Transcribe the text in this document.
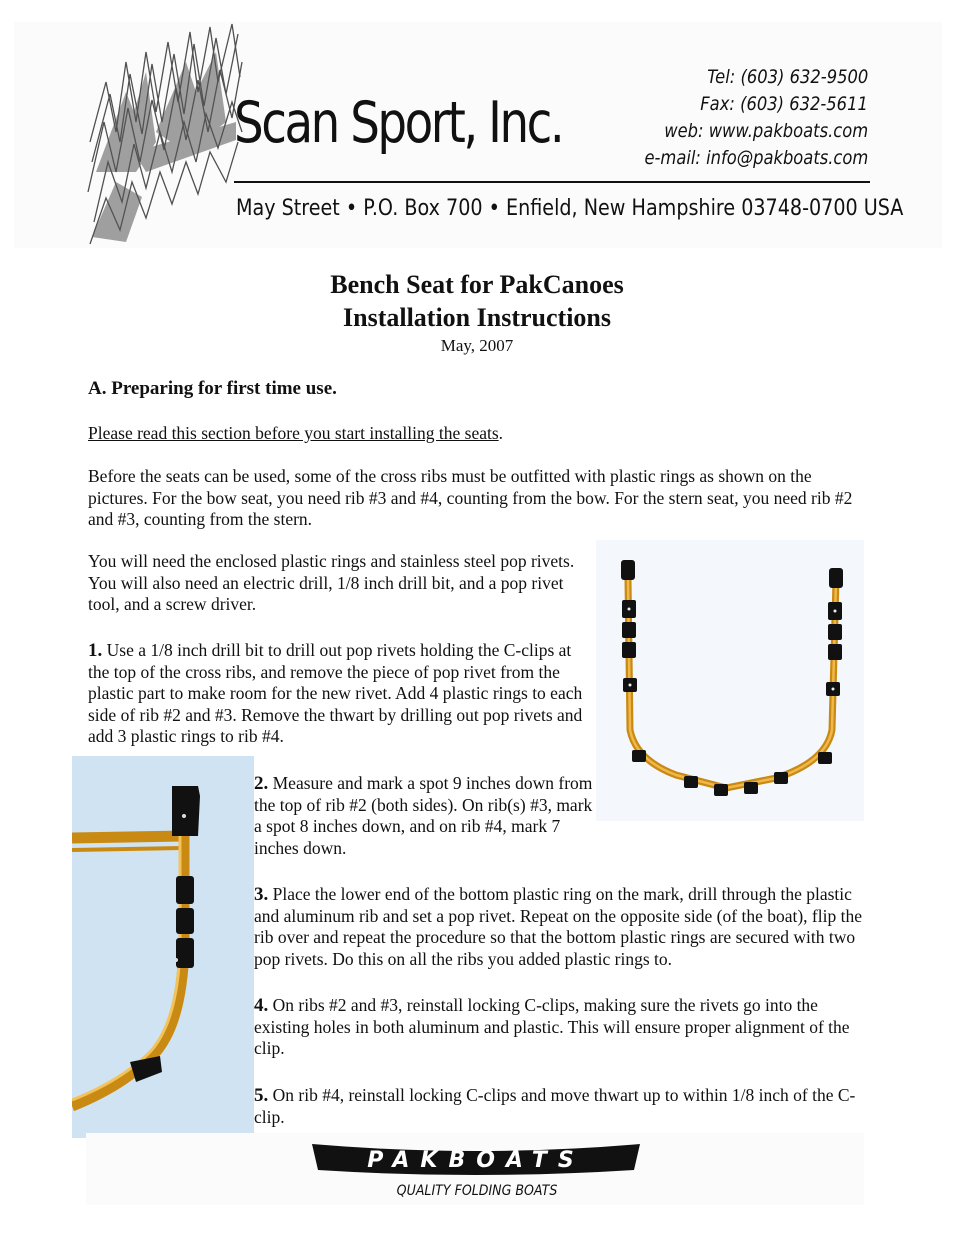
Scan Sport, Inc.
Tel: (603) 632-9500
Fax: (603) 632-5611
web: www.pakboats.com
e-mail: info@pakboats.com
May Street • P.O. Box 700 • Enfield, New Hampshire 03748-0700 USA
Bench Seat for PakCanoes
Installation Instructions
May, 2007
A. Preparing for first time use.
Please read this section before you start installing the seats.
Before the seats can be used, some of the cross ribs must be outfitted with plastic rings as shown on the pictures. For the bow seat, you need rib #3 and #4, counting from the bow. For the stern seat, you need rib #2 and #3, counting from the stern.
You will need the enclosed plastic rings and stainless steel pop rivets. You will also need an electric drill, 1/8 inch drill bit, and a pop rivet tool, and a screw driver.
1. Use a 1/8 inch drill bit to drill out pop rivets holding the C-clips at the top of the cross ribs, and remove the piece of pop rivet from the plastic part to make room for the new rivet. Add 4 plastic rings to each side of rib #2 and #3. Remove the thwart by drilling out pop rivets and add 3 plastic rings to rib #4.
2. Measure and mark a spot 9 inches down from the top of rib #2 (both sides). On rib(s) #3, mark a spot 8 inches down, and on rib #4, mark 7 inches down.
3. Place the lower end of the bottom plastic ring on the mark, drill through the plastic and aluminum rib and set a pop rivet. Repeat on the opposite side (of the boat), flip the rib over and repeat the procedure so that the bottom plastic rings are secured with two pop rivets. Do this on all the ribs you added plastic rings to.
4. On ribs #2 and #3, reinstall locking C-clips, making sure the rivets go into the existing holes in both aluminum and plastic. This will ensure proper alignment of the clip.
5. On rib #4, reinstall locking C-clips and move thwart up to within 1/8 inch of the C-clip.
PAKBOATS
QUALITY FOLDING BOATS
